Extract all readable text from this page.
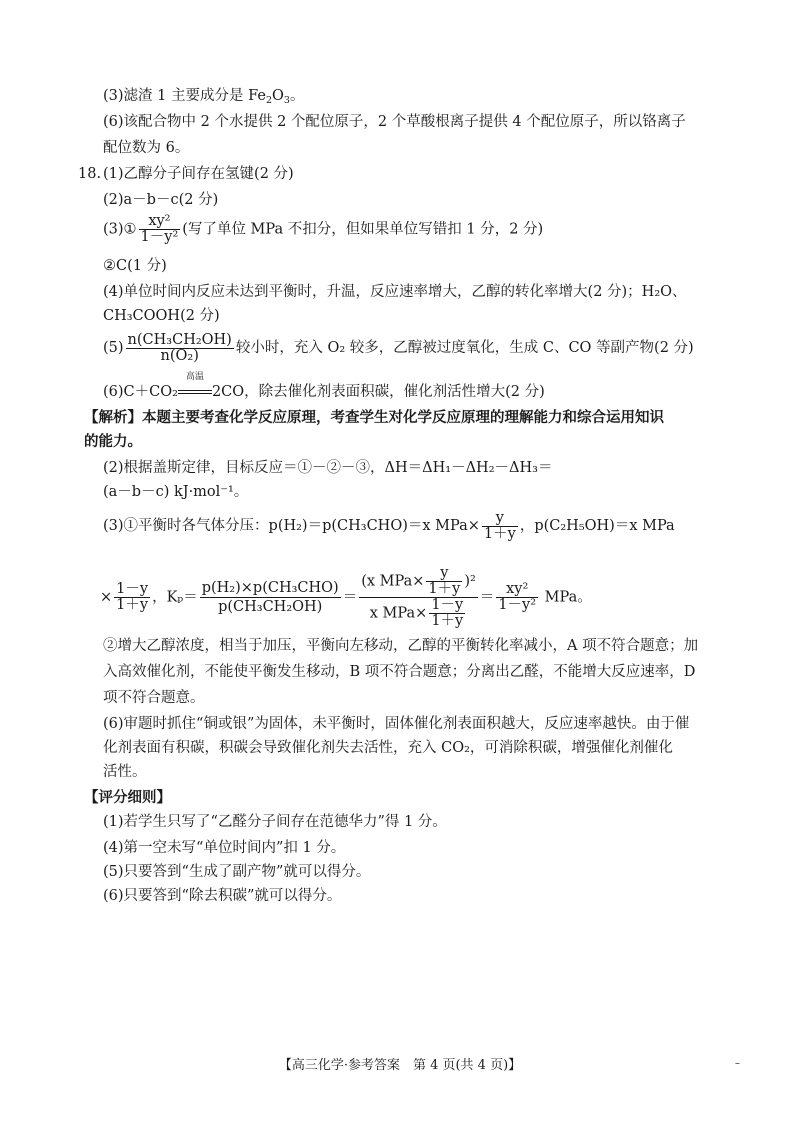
(3)滤渣 1 主要成分是 $Fe_2O_3$。
(6)该配合物中 2 个水提供 2 个配位原子，2 个草酸根离子提供 4 个配位原子，所以铬离子
配位数为 6。
18. (1)乙醇分子间存在氢键(2 分)
(2)a－b－c(2 分)
(3)① $\frac{\text{xy²}}{\text{1－y²}}$ (写了单位 MPa 不扣分，但如果单位写错扣 1 分，2 分)
②C(1 分)
(4)单位时间内反应未达到平衡时，升温，反应速率增大，乙醇的转化率增大(2 分)；H₂O、
CH₃COOH(2 分)
$(5) \frac{\text{n(CH₃CH₂OH)}}{\text{n(O₂)}}$ 较小时，充入 O₂ 较多，乙醇被过度氧化，生成 C、CO 等副产物(2 分)
(6)C＋CO₂
高温
2CO，除去催化剂表面积碳，催化剂活性增大(2 分)
【解析】本题主要考查化学反应原理，考查学生对化学反应原理的理解能力和综合运用知识
的能力。
(2)根据盖斯定律，目标反应＝①－②－③，ΔH＝ΔH₁－ΔH₂－ΔH₃＝
(a－b－c) kJ·mol⁻¹。
(3)①平衡时各气体分压：p(H₂)＝p(CH₃CHO)＝x $MPa\times \frac{y}{1+y}$ ，p(C₂H₅OH)＝x MPa
× $\frac{1-y}{1+y}$ ，$K_p= \frac{\text{p(H₂)×p(CH₃CHO)}}{\text{p(CH₃CH₂OH)}} = \frac{(x MPa\times \frac{y}{1+y} )^2}{x MPa\times \frac{1-y}{1+y}} = \frac{\text{xy²}}{\text{1－y²}}$ MPa。
②增大乙醇浓度，相当于加压，平衡向左移动，乙醇的平衡转化率减小，A 项不符合题意；加
入高效催化剂，不能使平衡发生移动，B 项不符合题意；分离出乙醛，不能增大反应速率，D
项不符合题意。
(6)审题时抓住“铜或银”为固体，未平衡时，固体催化剂表面积越大，反应速率越快。由于催
化剂表面有积碳，积碳会导致催化剂失去活性，充入 CO₂，可消除积碳，增强催化剂催化
活性。
【评分细则】
(1)若学生只写了“乙醛分子间存在范德华力”得 1 分。
(4)第一空未写“单位时间内”扣 1 分。
(5)只要答到“生成了副产物”就可以得分。
(6)只要答到“除去积碳”就可以得分。
【高三化学·参考答案　第 4 页(共 4 页)】	–
